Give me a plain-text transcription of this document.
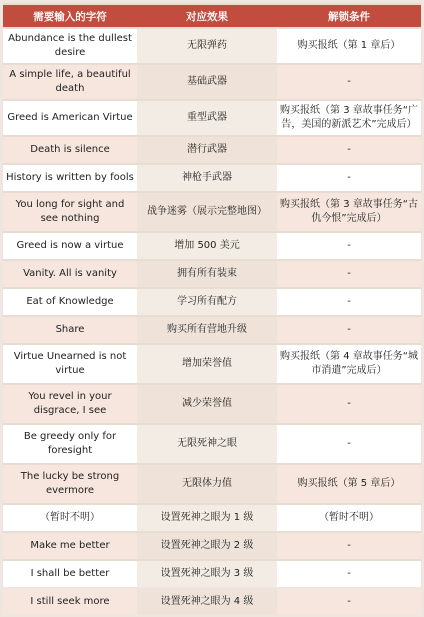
需要输入的字符	对应效果	解锁条件
Abundance is the dullest desire	无限弹药	购买报纸（第 1 章后）
A simple life, a beautiful death	基础武器	-
Greed is American Virtue	重型武器	购买报纸（第 3 章故事任务“广告，美国的新派艺术”完成后）
Death is silence	潜行武器	-
History is written by fools	神枪手武器	-
You long for sight and see nothing	战争迷雾（展示完整地图）	购买报纸（第 3 章故事任务“古仇今恨”完成后）
Greed is now a virtue	增加 500 美元	-
Vanity. All is vanity	拥有所有装束	-
Eat of Knowledge	学习所有配方	-
Share	购买所有营地升级	-
Virtue Unearned is not virtue	增加荣誉值	购买报纸（第 4 章故事任务“城市消遣”完成后）
You revel in your disgrace, I see	减少荣誉值	-
Be greedy only for foresight	无限死神之眼	-
The lucky be strong evermore	无限体力值	购买报纸（第 5 章后）
（暂时不明）	设置死神之眼为 1 级	（暂时不明）
Make me better	设置死神之眼为 2 级	-
I shall be better	设置死神之眼为 3 级	-
I still seek more	设置死神之眼为 4 级	-
